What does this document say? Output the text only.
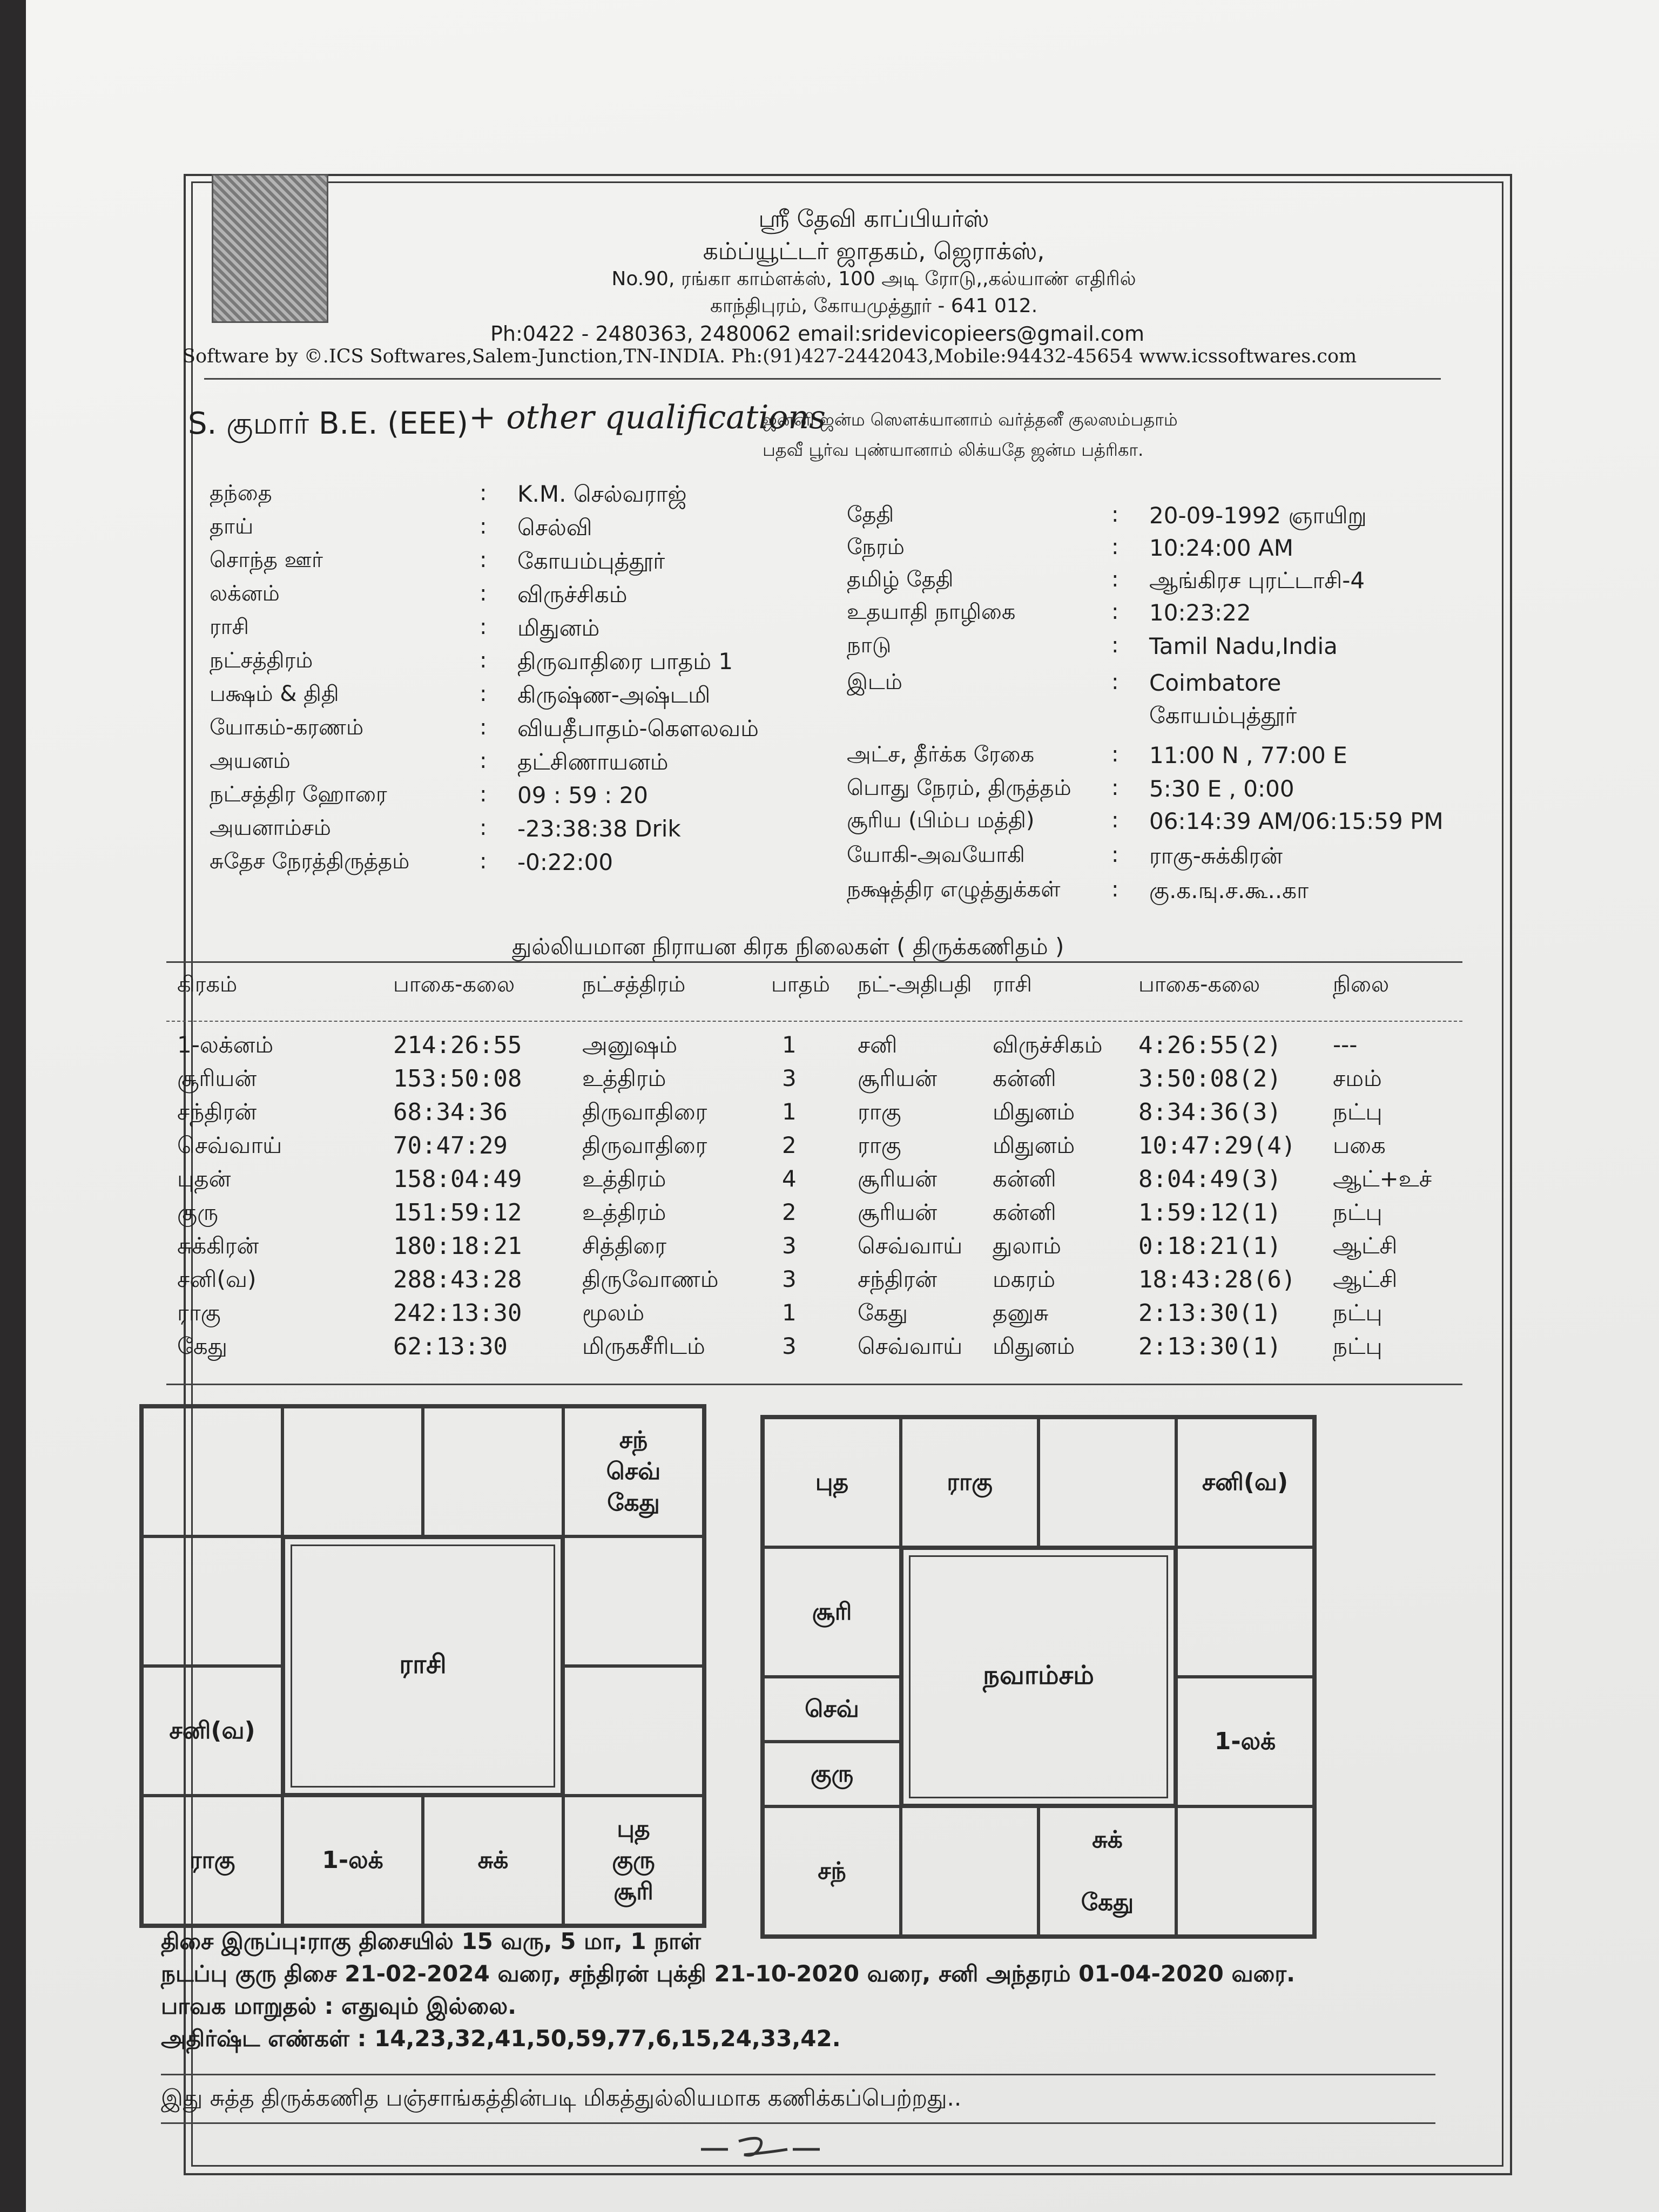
ஸ்ரீ தேவி காப்பியர்ஸ்
கம்ப்யூட்டர் ஜாதகம், ஜெராக்ஸ்,
No.90, ரங்கா காம்ளக்ஸ், 100 அடி ரோடு,,கல்யாண் எதிரில்
காந்திபுரம், கோயமுத்தூர் - 641 012.
Ph:0422 - 2480363, 2480062 email:sridevicopieers@gmail.com
Software by ©.ICS Softwares,Salem-Junction,TN-INDIA. Ph:(91)427-2442043,Mobile:94432-45654 www.icssoftwares.com
S. குமார் B.E. (EEE) + other qualifications
ஜனனி ஜன்ம ஸௌக்யானாம் வர்த்தனீ குலஸம்பதாம்
பதவீ பூர்வ புண்யானாம் லிக்யதே ஜன்ம பத்ரிகா.
தந்தை	: K.M. செல்வராஜ்
தாய்	: செல்வி
சொந்த ஊர்	: கோயம்புத்தூர்
லக்னம்	: விருச்சிகம்
ராசி	: மிதுனம்
நட்சத்திரம்	: திருவாதிரை பாதம் 1
பக்ஷம் & திதி	: கிருஷ்ண-அஷ்டமி
யோகம்-கரணம்	: வியதீபாதம்-கௌலவம்
அயனம்	: தட்சிணாயனம்
நட்சத்திர ஹோரை	: 09 : 59 : 20
அயனாம்சம்	: -23:38:38 Drik
சுதேச நேரத்திருத்தம்	: -0:22:00
தேதி	: 20-09-1992 ஞாயிறு
நேரம்	: 10:24:00 AM
தமிழ் தேதி	: ஆங்கிரச புரட்டாசி-4
உதயாதி நாழிகை	: 10:23:22
நாடு	: Tamil Nadu,India
இடம்	: Coimbatore
கோயம்புத்தூர்
அட்ச, தீர்க்க ரேகை	: 11:00 N , 77:00 E
பொது நேரம், திருத்தம் : 5:30 E , 0:00
சூரிய (பிம்ப மத்தி)	: 06:14:39 AM/06:15:59 PM
யோகி-அவயோகி	: ராகு-சுக்கிரன்
நக்ஷத்திர எழுத்துக்கள் : கு.க.ஙு.ச.கூ..கா
துல்லியமான நிராயன கிரக நிலைகள் ( திருக்கணிதம் )
கிரகம்	பாகை-கலை	நட்சத்திரம்	பாதம் நட்-அதிபதி ராசி	பாகை-கலை	நிலை
1-லக்னம்	214:26:55	அனுஷம்	1	சனி	விருச்சிகம் 4:26:55(2) ---
சூரியன்	153:50:08	உத்திரம்	3	சூரியன் கன்னி	3:50:08(2) சமம்
சந்திரன்	68:34:36	திருவாதிரை	1	ராகு	மிதுனம்	8:34:36(3) நட்பு
செவ்வாய்	70:47:29	திருவாதிரை	2	ராகு	மிதுனம்	10:47:29(4) பகை
புதன்	158:04:49	உத்திரம்	4	சூரியன் கன்னி	8:04:49(3) ஆட்+உச்
குரு	151:59:12	உத்திரம்	2	சூரியன் கன்னி	1:59:12(1) நட்பு
சுக்கிரன்	180:18:21	சித்திரை	3	செவ்வாய் துலாம்	0:18:21(1) ஆட்சி
சனி(வ)	288:43:28	திருவோணம்	3	சந்திரன் மகரம்	18:43:28(6) ஆட்சி
ராகு	242:13:30	மூலம்	1	கேது	தனுசு	2:13:30(1) நட்பு
கேது	62:13:30	மிருகசீரிடம்	3	செவ்வாய் மிதுனம்	2:13:30(1) நட்பு
சந்
செவ்
கேது
சனி(வ)
ராகு	1-லக்	சுக்
புத
குரு
சூரி
ராசி
புத	ராகு	சனி(வ)
சூரி
செவ்
குரு
1-லக்
சந்
சுக்

கேது
நவாம்சம்
திசை இருப்பு:ராகு திசையில் 15 வரு, 5 மா, 1 நாள்
நடப்பு குரு திசை 21-02-2024 வரை, சந்திரன் புக்தி 21-10-2020 வரை, சனி அந்தரம் 01-04-2020 வரை.
பாவக மாறுதல் : எதுவும் இல்லை.
அதிர்ஷ்ட எண்கள் : 14,23,32,41,50,59,77,6,15,24,33,42.
இது சுத்த திருக்கணித பஞ்சாங்கத்தின்படி மிகத்துல்லியமாக கணிக்கப்பெற்றது..
